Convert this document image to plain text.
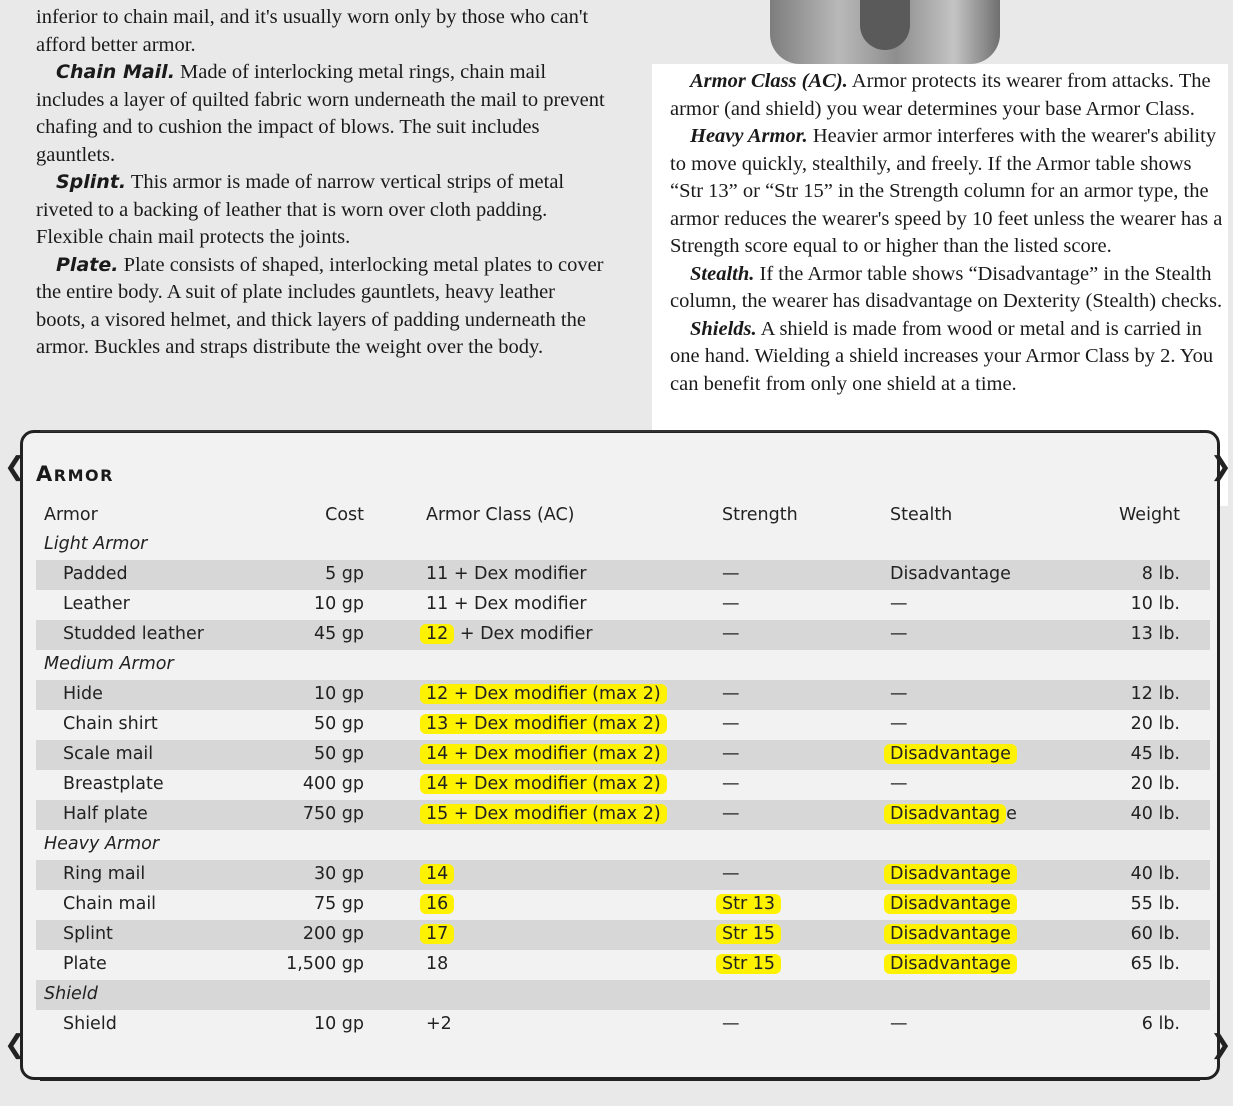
inferior to chain mail, and it's usually worn only by those who can't afford better armor.

Chain Mail. Made of interlocking metal rings, chain mail includes a layer of quilted fabric worn underneath the mail to prevent chafing and to cushion the impact of blows. The suit includes gauntlets.

Splint. This armor is made of narrow vertical strips of metal riveted to a backing of leather that is worn over cloth padding. Flexible chain mail protects the joints.

Plate. Plate consists of shaped, interlocking metal plates to cover the entire body. A suit of plate includes gauntlets, heavy leather boots, a visored helmet, and thick layers of padding underneath the armor. Buckles and straps distribute the weight over the body.

Armor Class (AC). Armor protects its wearer from attacks. The armor (and shield) you wear determines your base Armor Class.

Heavy Armor. Heavier armor interferes with the wearer's ability to move quickly, stealthily, and freely. If the Armor table shows “Str 13” or “Str 15” in the Strength column for an armor type, the armor reduces the wearer's speed by 10 feet unless the wearer has a Strength score equal to or higher than the listed score.

Stealth. If the Armor table shows “Disadvantage” in the Stealth column, the wearer has disadvantage on Dexterity (Stealth) checks.

Shields. A shield is made from wood or metal and is carried in one hand. Wielding a shield increases your Armor Class by 2. You can benefit from only one shield at a time.

❮	❯
❮	❯
ARMOR
Armor	Cost	Armor Class (AC)	Strength	Stealth	Weight
Light Armor
Padded	5 gp	11 + Dex modifier	—	Disadvantage	8 lb.
Leather	10 gp	11 + Dex modifier	—	—	10 lb.
Studded leather	45 gp	12 + Dex modifier	—	—	13 lb.
Medium Armor
Hide	10 gp	12 + Dex modifier (max 2)	—	—	12 lb.
Chain shirt	50 gp	13 + Dex modifier (max 2)	—	—	20 lb.
Scale mail	50 gp	14 + Dex modifier (max 2)	—	Disadvantage	45 lb.
Breastplate	400 gp	14 + Dex modifier (max 2)	—	—	20 lb.
Half plate	750 gp	15 + Dex modifier (max 2)	—	Disadvantag e	40 lb.
Heavy Armor
Ring mail	30 gp	14	—	Disadvantage	40 lb.
Chain mail	75 gp	16	Str 13	Disadvantage	55 lb.
Splint	200 gp	17	Str 15	Disadvantage	60 lb.
Plate	1,500 gp	18	Str 15	Disadvantage	65 lb.
Shield
Shield	10 gp	+2	—	—	6 lb.
